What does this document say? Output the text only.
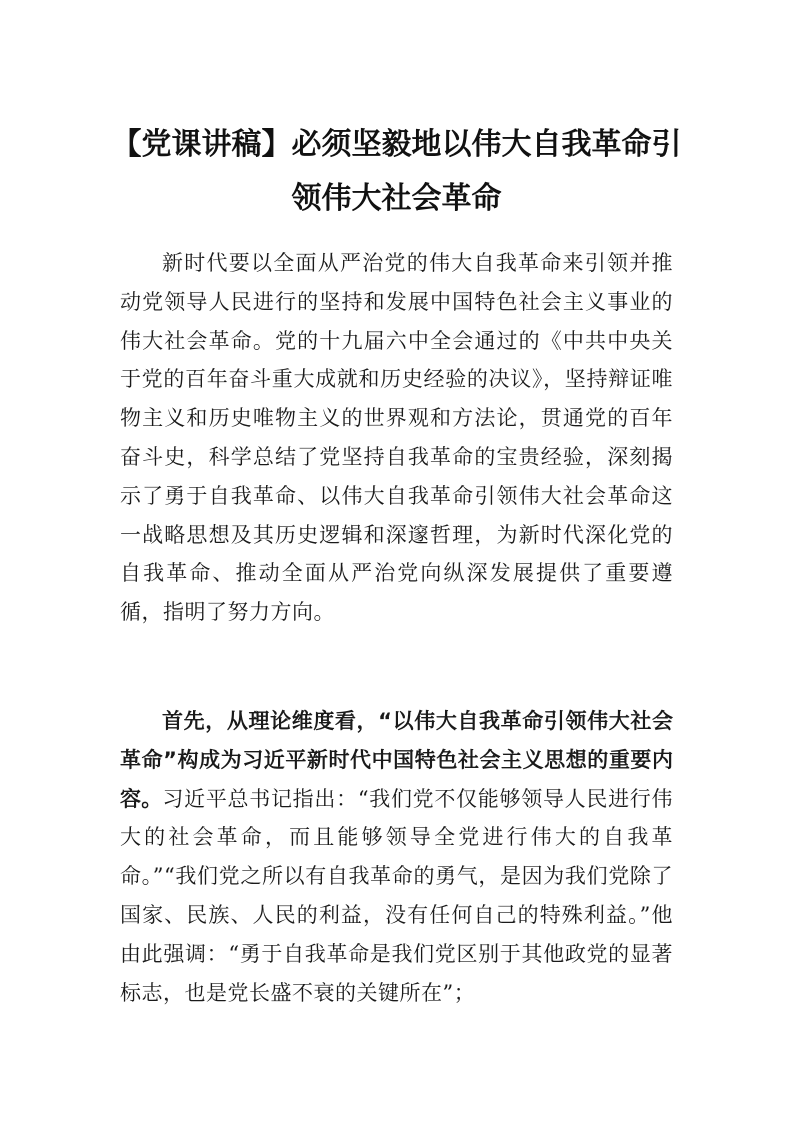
【党课讲稿】必须坚毅地以伟大自我革命引领伟大社会革命

新时代要以全面从严治党的伟大自我革命来引领并推动党领导人民进行的坚持和发展中国特色社会主义事业的伟大社会革命。党的十九届六中全会通过的《中共中央关于党的百年奋斗重大成就和历史经验的决议》，坚持辩证唯物主义和历史唯物主义的世界观和方法论，贯通党的百年奋斗史，科学总结了党坚持自我革命的宝贵经验，深刻揭示了勇于自我革命、以伟大自我革命引领伟大社会革命这一战略思想及其历史逻辑和深邃哲理，为新时代深化党的自我革命、推动全面从严治党向纵深发展提供了重要遵循，指明了努力方向。

首先，从理论维度看，“以伟大自我革命引领伟大社会革命”构成为习近平新时代中国特色社会主义思想的重要内容。习近平总书记指出：“我们党不仅能够领导人民进行伟大的社会革命，而且能够领导全党进行伟大的自我革命。”“我们党之所以有自我革命的勇气，是因为我们党除了国家、民族、人民的利益，没有任何自己的特殊利益。”他由此强调：“勇于自我革命是我们党区别于其他政党的显著标志，也是党长盛不衰的关键所在”；
